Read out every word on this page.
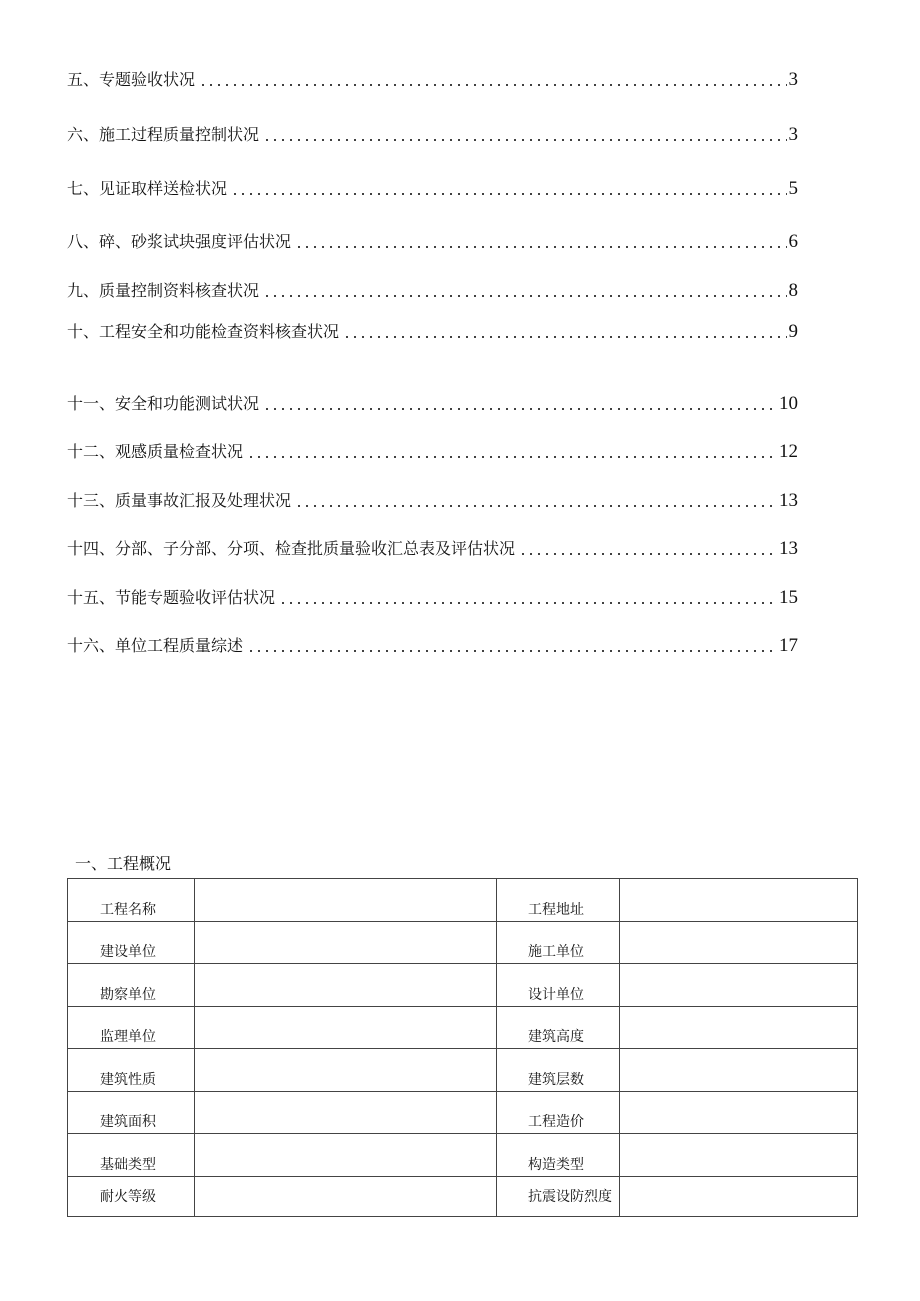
五、专题验收状况	3
六、施工过程质量控制状况	3
七、见证取样送检状况	5
八、碎、砂浆试块强度评估状况	6
九、质量控制资料核查状况	8
十、工程安全和功能检查资料核查状况	9
十一、安全和功能测试状况	10
十二、观感质量检查状况	12
十三、质量事故汇报及处理状况	13
十四、分部、子分部、分项、检查批质量验收汇总表及评估状况	13
十五、节能专题验收评估状况	15
十六、单位工程质量综述	17
一、工程概况
工程名称		工程地址	
建设单位		施工单位	
勘察单位		设计单位	
监理单位		建筑高度	
建筑性质		建筑层数	
建筑面积		工程造价	
基础类型		构造类型	
耐火等级		抗震设防烈度	
